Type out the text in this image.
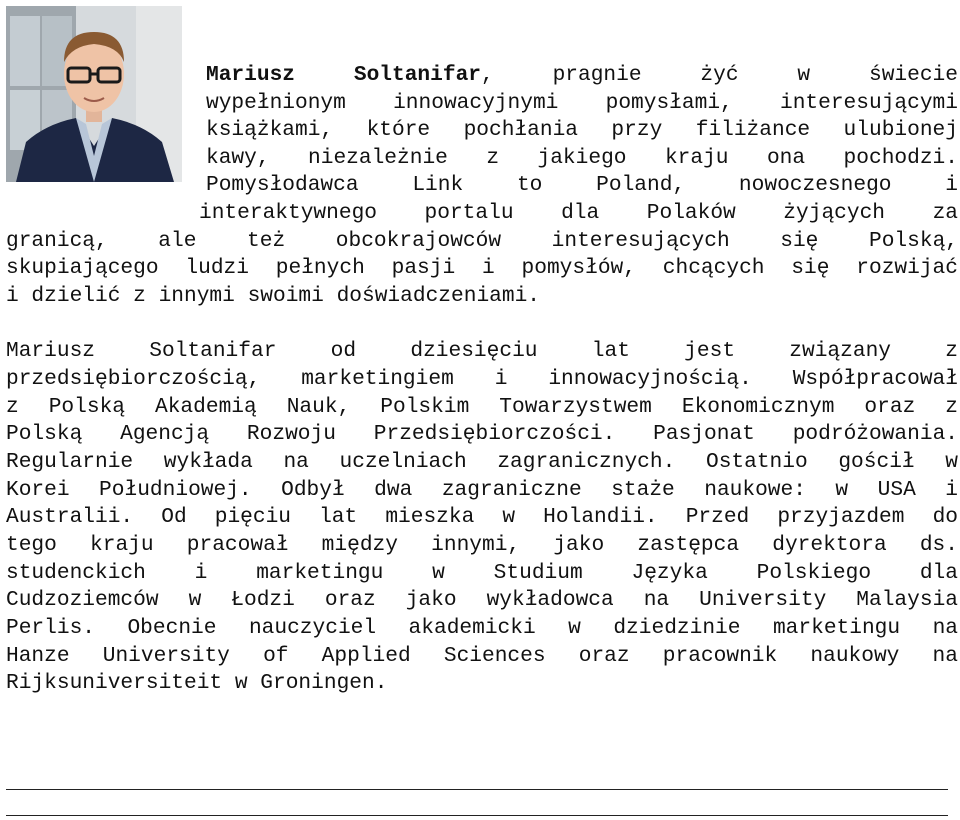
Mariusz Soltanifar, pragnie żyć w świecie
wypełnionym innowacyjnymi pomysłami, interesującymi
książkami, które pochłania przy filiżance ulubionej
kawy, niezależnie z jakiego kraju ona pochodzi.
Pomysłodawca Link to Poland, nowoczesnego i
interaktywnego portalu dla Polaków żyjących za
granicą, ale też obcokrajowców interesujących się Polską,
skupiającego ludzi pełnych pasji i pomysłów, chcących się rozwijać
i dzielić z innymi swoimi doświadczeniami.
Mariusz Soltanifar od dziesięciu lat jest związany z
przedsiębiorczością, marketingiem i innowacyjnością. Współpracował
z Polską Akademią Nauk, Polskim Towarzystwem Ekonomicznym oraz z
Polską Agencją Rozwoju Przedsiębiorczości. Pasjonat podróżowania.
Regularnie wykłada na uczelniach zagranicznych. Ostatnio gościł w
Korei Południowej. Odbył dwa zagraniczne staże naukowe: w USA i
Australii. Od pięciu lat mieszka w Holandii. Przed przyjazdem do
tego kraju pracował między innymi, jako zastępca dyrektora ds.
studenckich i marketingu w Studium Języka Polskiego dla
Cudzoziemców w Łodzi oraz jako wykładowca na University Malaysia
Perlis. Obecnie nauczyciel akademicki w dziedzinie marketingu na
Hanze University of Applied Sciences oraz pracownik naukowy na
Rijksuniversiteit w Groningen.
